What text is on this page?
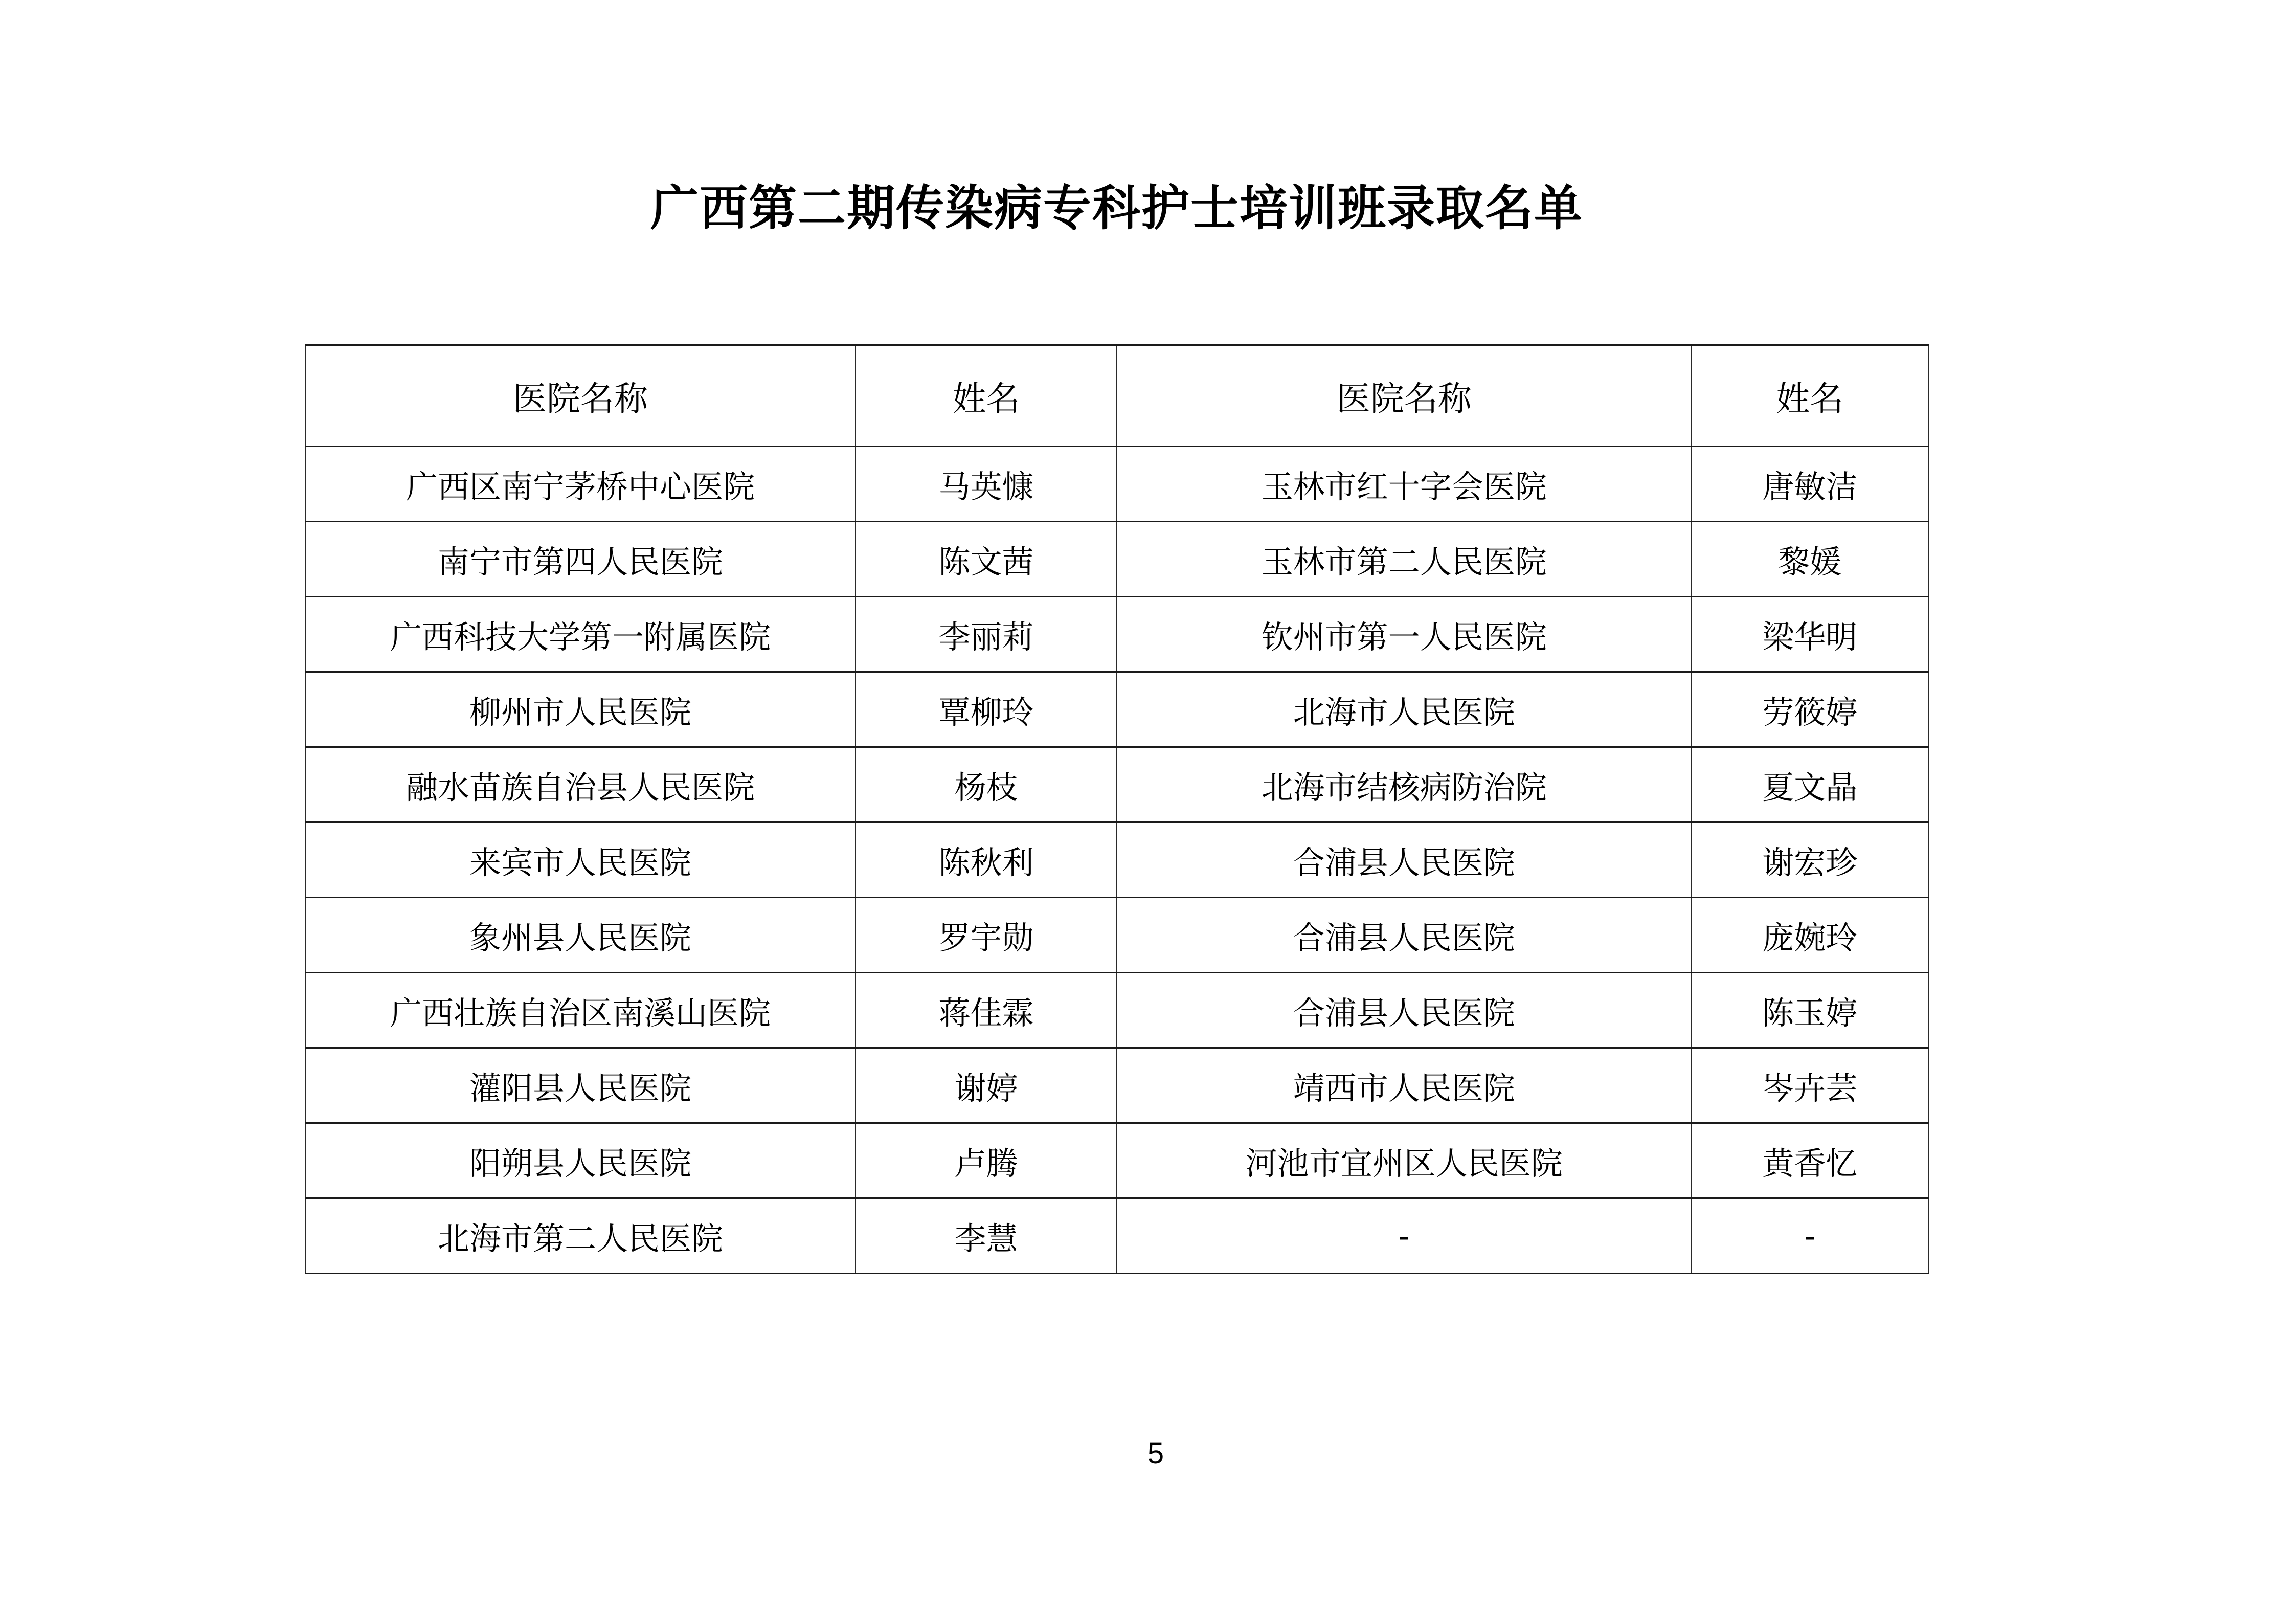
广西第二期传染病专科护士培训班录取名单
医院名称	姓名	医院名称	姓名
广西区南宁茅桥中心医院	马英慷	玉林市红十字会医院	唐敏洁
南宁市第四人民医院	陈文茜	玉林市第二人民医院	黎媛
广西科技大学第一附属医院	李丽莉	钦州市第一人民医院	梁华明
柳州市人民医院	覃柳玲	北海市人民医院	劳筱婷
融水苗族自治县人民医院	杨枝	北海市结核病防治院	夏文晶
来宾市人民医院	陈秋利	合浦县人民医院	谢宏珍
象州县人民医院	罗宇勋	合浦县人民医院	庞婉玲
广西壮族自治区南溪山医院	蒋佳霖	合浦县人民医院	陈玉婷
灌阳县人民医院	谢婷	靖西市人民医院	岑卉芸
阳朔县人民医院	卢腾	河池市宜州区人民医院	黄香忆
北海市第二人民医院	李慧	-	-
5
